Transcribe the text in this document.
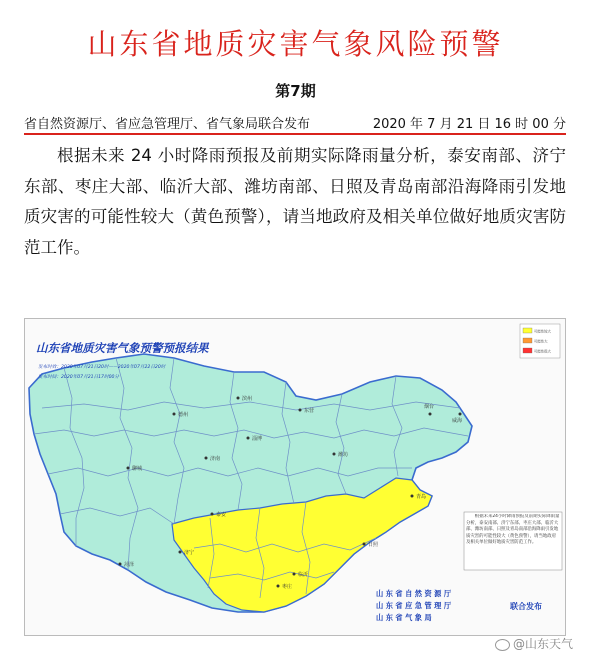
山东省地质灾害气象风险预警
第7期
省自然资源厅、省应急管理厅、省气象局联合发布	2020 年 7 月 21 日 16 时 00 分

根据未来 24 小时降雨预报及前期实际降雨量分析，泰安南部、济宁东部、枣庄大部、临沂大部、潍坊南部、日照及青岛南部沿海降雨引发地质灾害的可能性较大（黄色预警），请当地政府及相关单位做好地质灾害防范工作。

济南
青岛
淄博
枣庄
东营
烟台
潍坊
济宁
泰安
威海
日照
临沂
德州
聊城
滨州
菏泽
山东省地质灾害气象预警预报结果
发布时效：2020年07月21日20时——2020年07月22日20时
发布时间：2020年07月21日17时00分
可能性较大
可能性大
可能性很大
根据未来24小时降雨预报及前期实际降雨量分析，泰安南部、济宁东部、枣庄大部、临沂大部、潍坊南部、日照及青岛南部沿海降雨引发地质灾害的可能性较大（黄色预警），请当地政府及相关单位做好地质灾害防范工作。
山 东 省 自 然 资 源 厅
山 东 省 应 急 管 理 厅
山 东 省 气 象 局
联合发布
@山东天气
